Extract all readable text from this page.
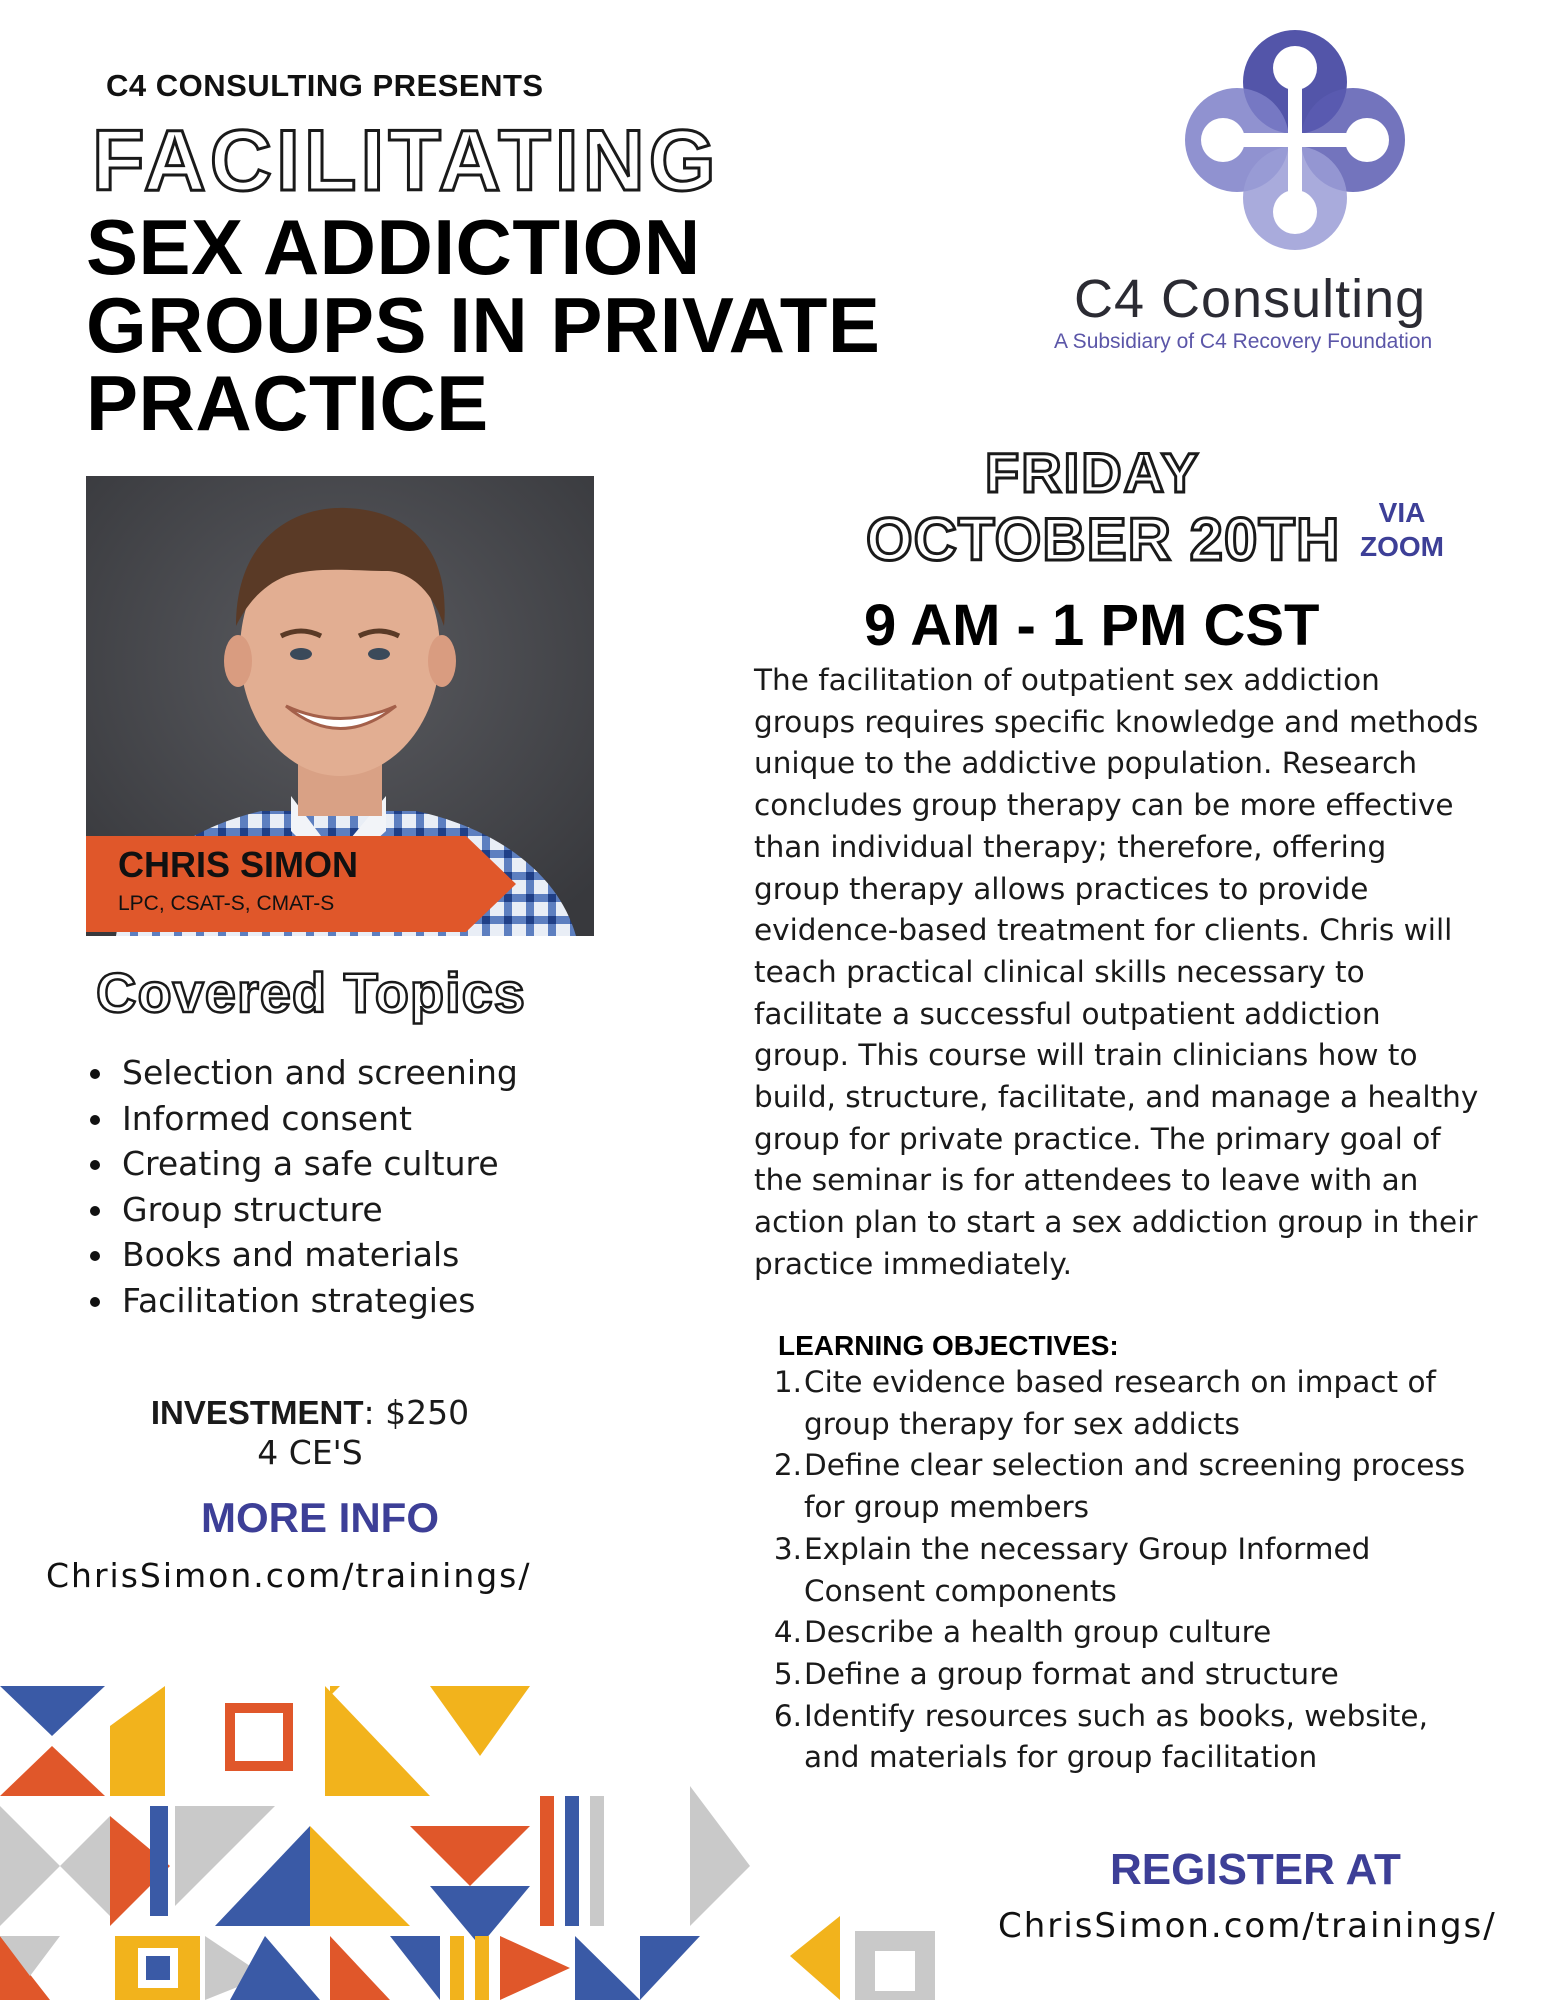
C4 CONSULTING PRESENTS
FACILITATING
SEX ADDICTION
GROUPS IN PRIVATE
PRACTICE
C4 Consulting
A Subsidiary of C4 Recovery Foundation
CHRIS SIMON
LPC, CSAT-S, CMAT-S
Covered Topics
Selection and screening
Informed consent
Creating a safe culture
Group structure
Books and materials
Facilitation strategies
INVESTMENT: $250
4 CE'S
MORE INFO
ChrisSimon.com/trainings/
FRIDAY
OCTOBER 20TH	VIA
ZOOM
9 AM - 1 PM CST
The facilitation of outpatient sex addiction
groups requires specific knowledge and methods
unique to the addictive population. Research
concludes group therapy can be more effective
than individual therapy; therefore, offering
group therapy allows practices to provide
evidence-based treatment for clients. Chris will
teach practical clinical skills necessary to
facilitate a successful outpatient addiction
group. This course will train clinicians how to
build, structure, facilitate, and manage a healthy
group for private practice. The primary goal of
the seminar is for attendees to leave with an
action plan to start a sex addiction group in their
practice immediately.
LEARNING OBJECTIVES:
1. Cite evidence based research on impact of
group therapy for sex addicts
2. Define clear selection and screening process
for group members
3. Explain the necessary Group Informed
Consent components
4. Describe a health group culture
5. Define a group format and structure
6. Identify resources such as books, website,
and materials for group facilitation
REGISTER AT
ChrisSimon.com/trainings/
